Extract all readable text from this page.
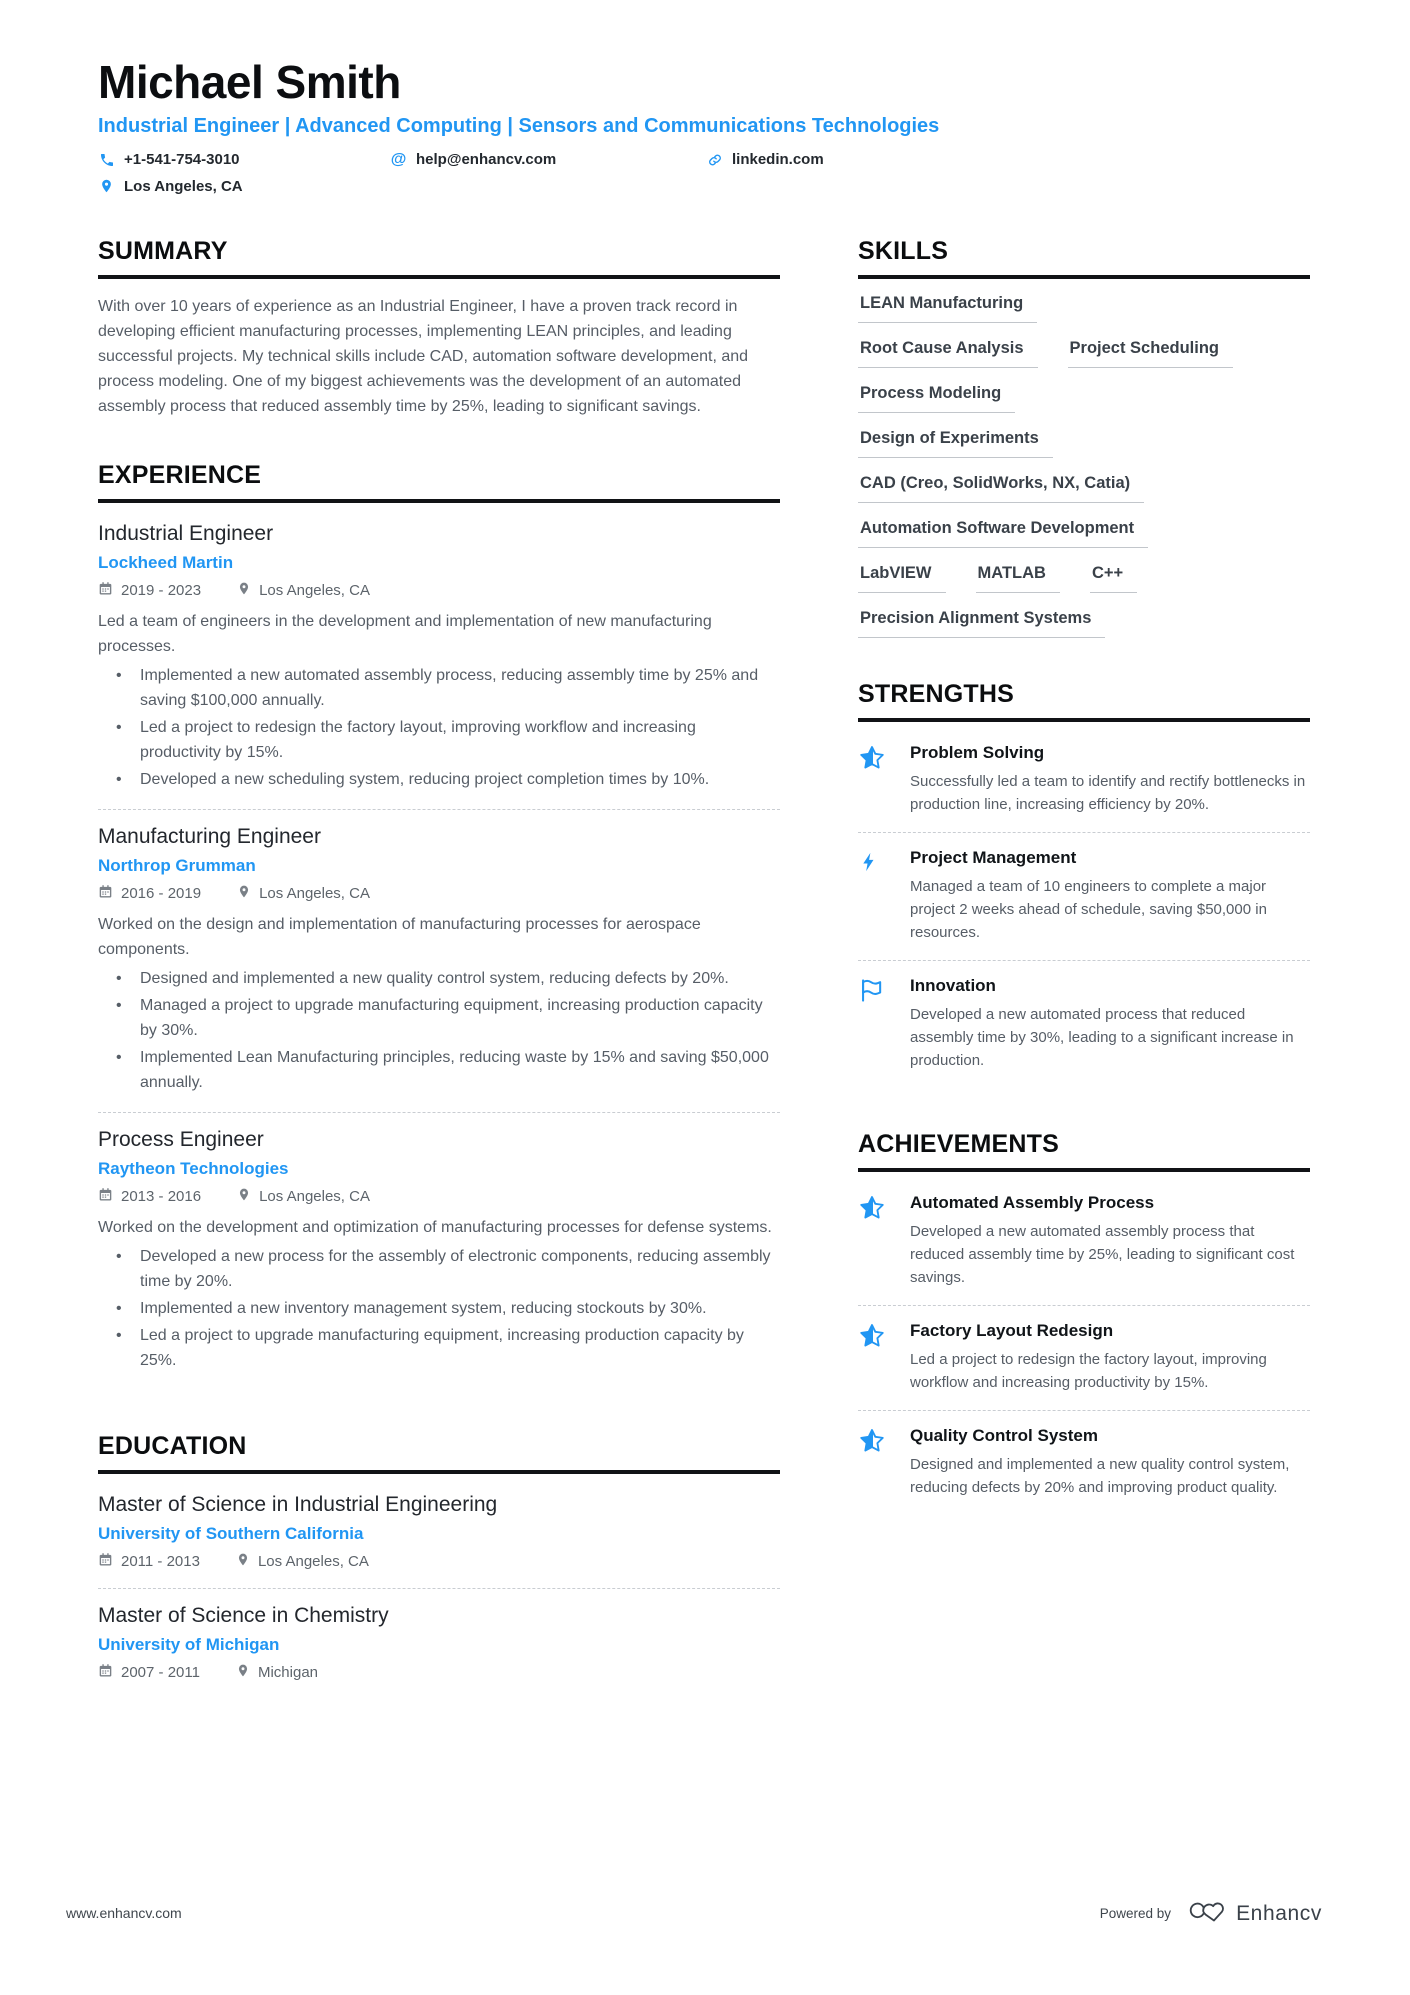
Michael Smith
Industrial Engineer | Advanced Computing | Sensors and Communications Technologies
+1-541-754-3010	@ help@enhancv.com	linkedin.com
Los Angeles, CA
SUMMARY
With over 10 years of experience as an Industrial Engineer, I have a proven track record in developing efficient manufacturing processes, implementing LEAN principles, and leading successful projects. My technical skills include CAD, automation software development, and process modeling. One of my biggest achievements was the development of an automated assembly process that reduced assembly time by 25%, leading to significant savings.
EXPERIENCE
Industrial Engineer
Lockheed Martin
2019 - 2023	Los Angeles, CA
Led a team of engineers in the development and implementation of new manufacturing processes.
• Implemented a new automated assembly process, reducing assembly time by 25% and saving $100,000 annually.
• Led a project to redesign the factory layout, improving workflow and increasing productivity by 15%.
• Developed a new scheduling system, reducing project completion times by 10%.
Manufacturing Engineer
Northrop Grumman
2016 - 2019	Los Angeles, CA
Worked on the design and implementation of manufacturing processes for aerospace components.
• Designed and implemented a new quality control system, reducing defects by 20%.
• Managed a project to upgrade manufacturing equipment, increasing production capacity by 30%.
• Implemented Lean Manufacturing principles, reducing waste by 15% and saving $50,000 annually.
Process Engineer
Raytheon Technologies
2013 - 2016	Los Angeles, CA
Worked on the development and optimization of manufacturing processes for defense systems.
• Developed a new process for the assembly of electronic components, reducing assembly time by 20%.
• Implemented a new inventory management system, reducing stockouts by 30%.
• Led a project to upgrade manufacturing equipment, increasing production capacity by 25%.
EDUCATION
Master of Science in Industrial Engineering
University of Southern California
2011 - 2013	Los Angeles, CA
Master of Science in Chemistry
University of Michigan
2007 - 2011	Michigan
SKILLS
LEAN Manufacturing
Root Cause Analysis	Project Scheduling
Process Modeling
Design of Experiments
CAD (Creo, SolidWorks, NX, Catia)
Automation Software Development
LabVIEW	MATLAB	C++
Precision Alignment Systems
STRENGTHS
Problem Solving
Successfully led a team to identify and rectify bottlenecks in production line, increasing efficiency by 20%.
Project Management
Managed a team of 10 engineers to complete a major project 2 weeks ahead of schedule, saving $50,000 in resources.
Innovation
Developed a new automated process that reduced assembly time by 30%, leading to a significant increase in production.
ACHIEVEMENTS
Automated Assembly Process
Developed a new automated assembly process that reduced assembly time by 25%, leading to significant cost savings.
Factory Layout Redesign
Led a project to redesign the factory layout, improving workflow and increasing productivity by 15%.
Quality Control System
Designed and implemented a new quality control system, reducing defects by 20% and improving product quality.
www.enhancv.com	Powered by	Enhancv
